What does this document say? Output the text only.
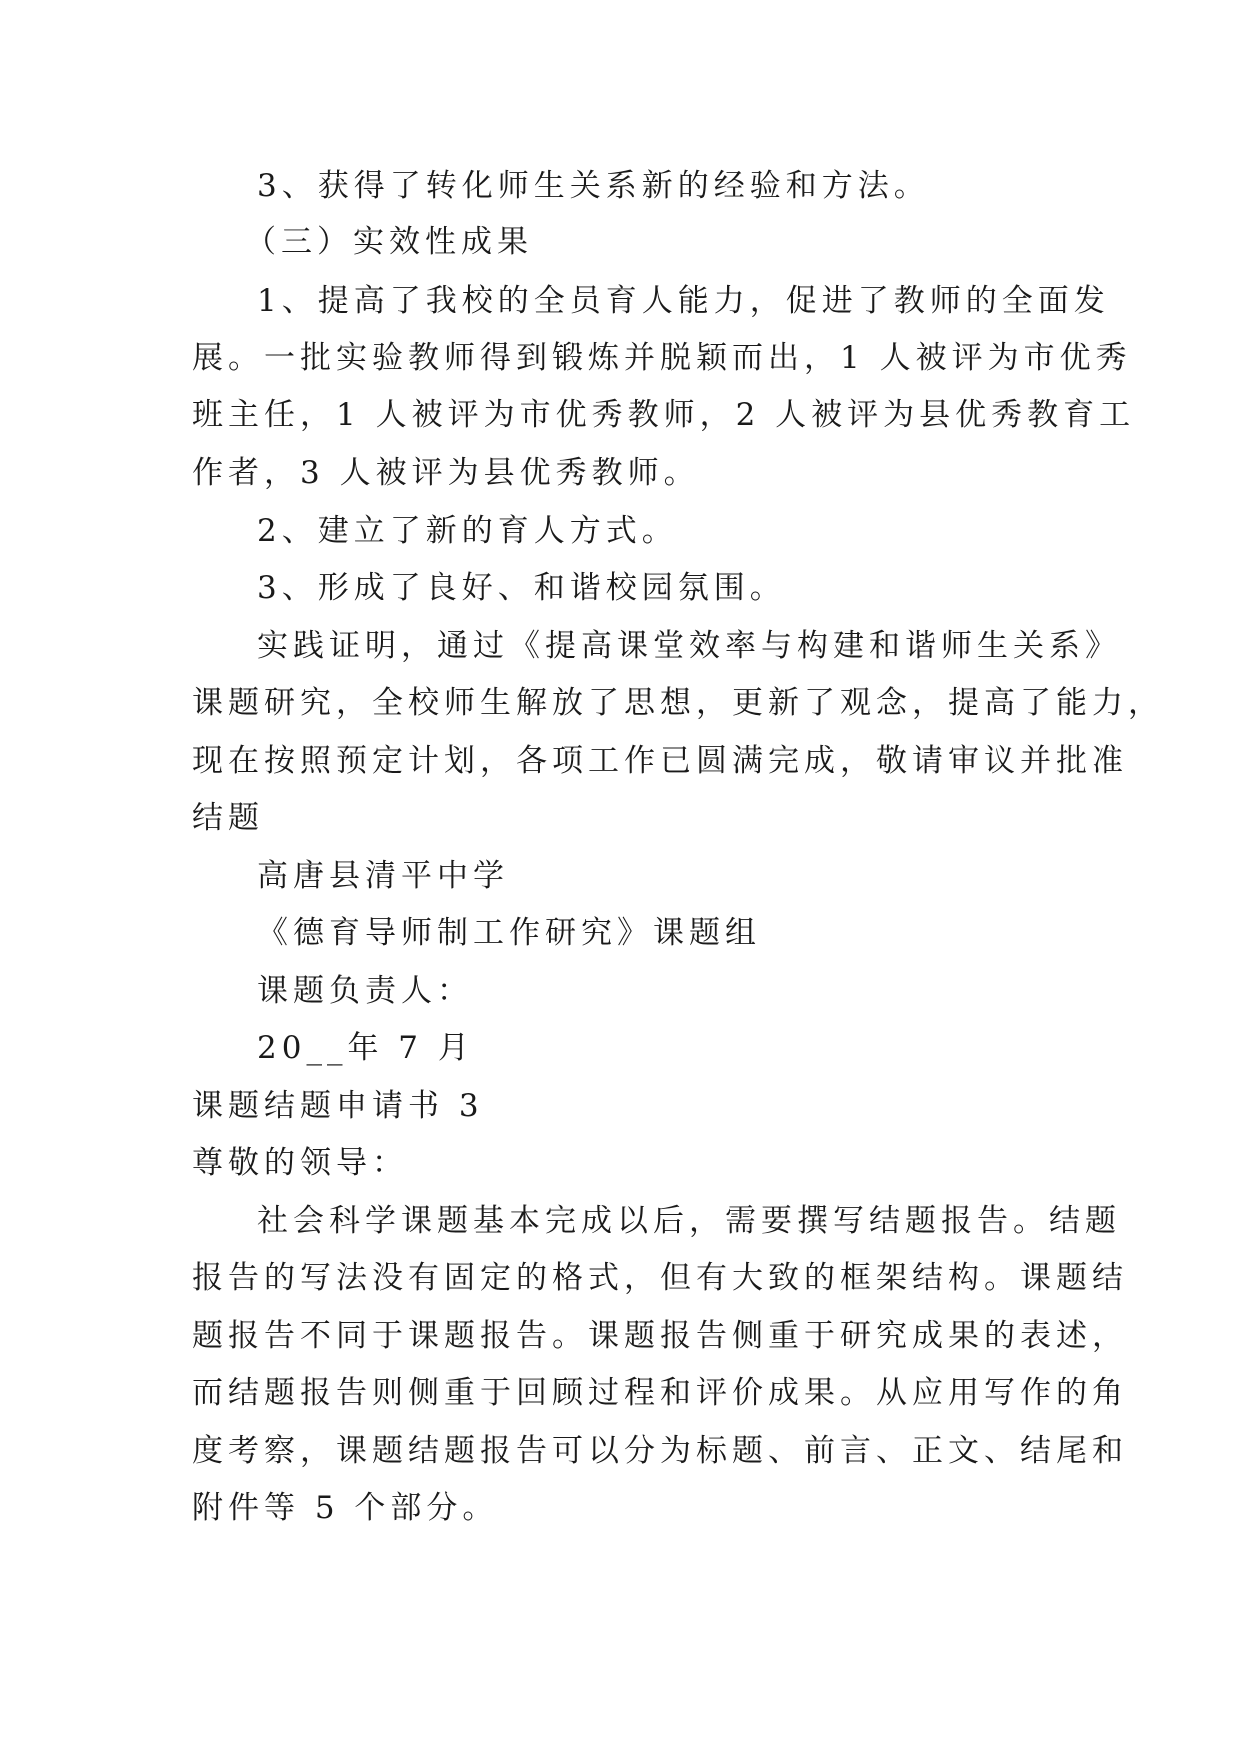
3、获得了转化师生关系新的经验和方法。
（三）实效性成果
1、提高了我校的全员育人能力，促进了教师的全面发
展。一批实验教师得到锻炼并脱颖而出，1 人被评为市优秀
班主任，1 人被评为市优秀教师，2 人被评为县优秀教育工
作者，3 人被评为县优秀教师。
2、建立了新的育人方式。
3、形成了良好、和谐校园氛围。
实践证明，通过《提高课堂效率与构建和谐师生关系》
课题研究，全校师生解放了思想，更新了观念，提高了能力，
现在按照预定计划，各项工作已圆满完成，敬请审议并批准
结题
高唐县清平中学
《德育导师制工作研究》课题组
课题负责人：
20__年 7 月
课题结题申请书 3
尊敬的领导：
社会科学课题基本完成以后，需要撰写结题报告。结题
报告的写法没有固定的格式，但有大致的框架结构。课题结
题报告不同于课题报告。课题报告侧重于研究成果的表述，
而结题报告则侧重于回顾过程和评价成果。从应用写作的角
度考察，课题结题报告可以分为标题、前言、正文、结尾和
附件等 5 个部分。
